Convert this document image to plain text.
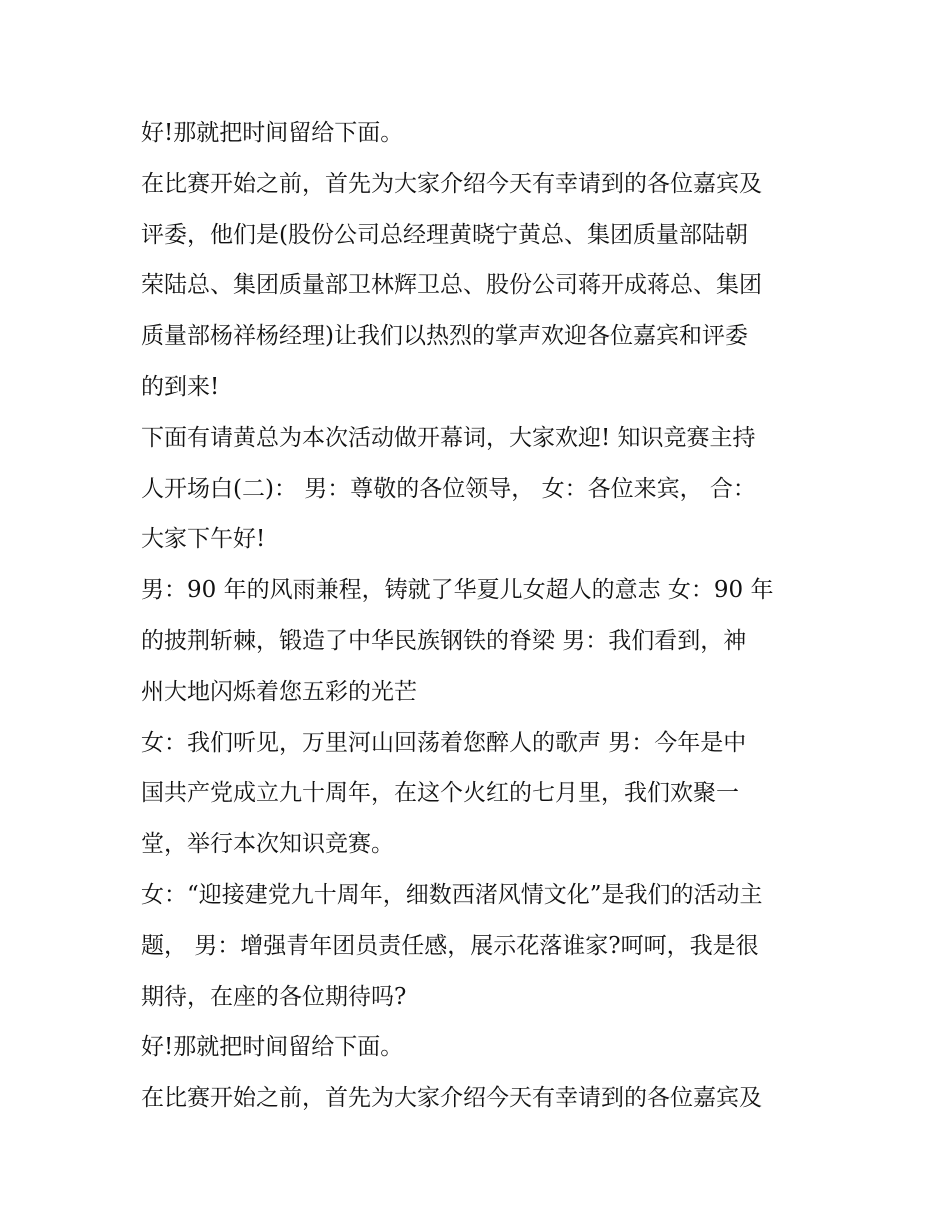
好!那就把时间留给下面。
在比赛开始之前，首先为大家介绍今天有幸请到的各位嘉宾及
评委，他们是(股份公司总经理黄晓宁黄总、集团质量部陆朝
荣陆总、集团质量部卫林辉卫总、股份公司蒋开成蒋总、集团
质量部杨祥杨经理)让我们以热烈的掌声欢迎各位嘉宾和评委
的到来!
下面有请黄总为本次活动做开幕词，大家欢迎! 知识竞赛主持
人开场白(二)： 男：尊敬的各位领导， 女：各位来宾， 合：
大家下午好!
男：90 年的风雨兼程，铸就了华夏儿女超人的意志 女：90 年
的披荆斩棘，锻造了中华民族钢铁的脊梁 男：我们看到，神
州大地闪烁着您五彩的光芒
女：我们听见，万里河山回荡着您醉人的歌声 男：今年是中
国共产党成立九十周年，在这个火红的七月里，我们欢聚一
堂，举行本次知识竞赛。
女：“迎接建党九十周年，细数西渚风情文化”是我们的活动主
题， 男：增强青年团员责任感，展示花落谁家?呵呵，我是很
期待，在座的各位期待吗?
好!那就把时间留给下面。
在比赛开始之前，首先为大家介绍今天有幸请到的各位嘉宾及
